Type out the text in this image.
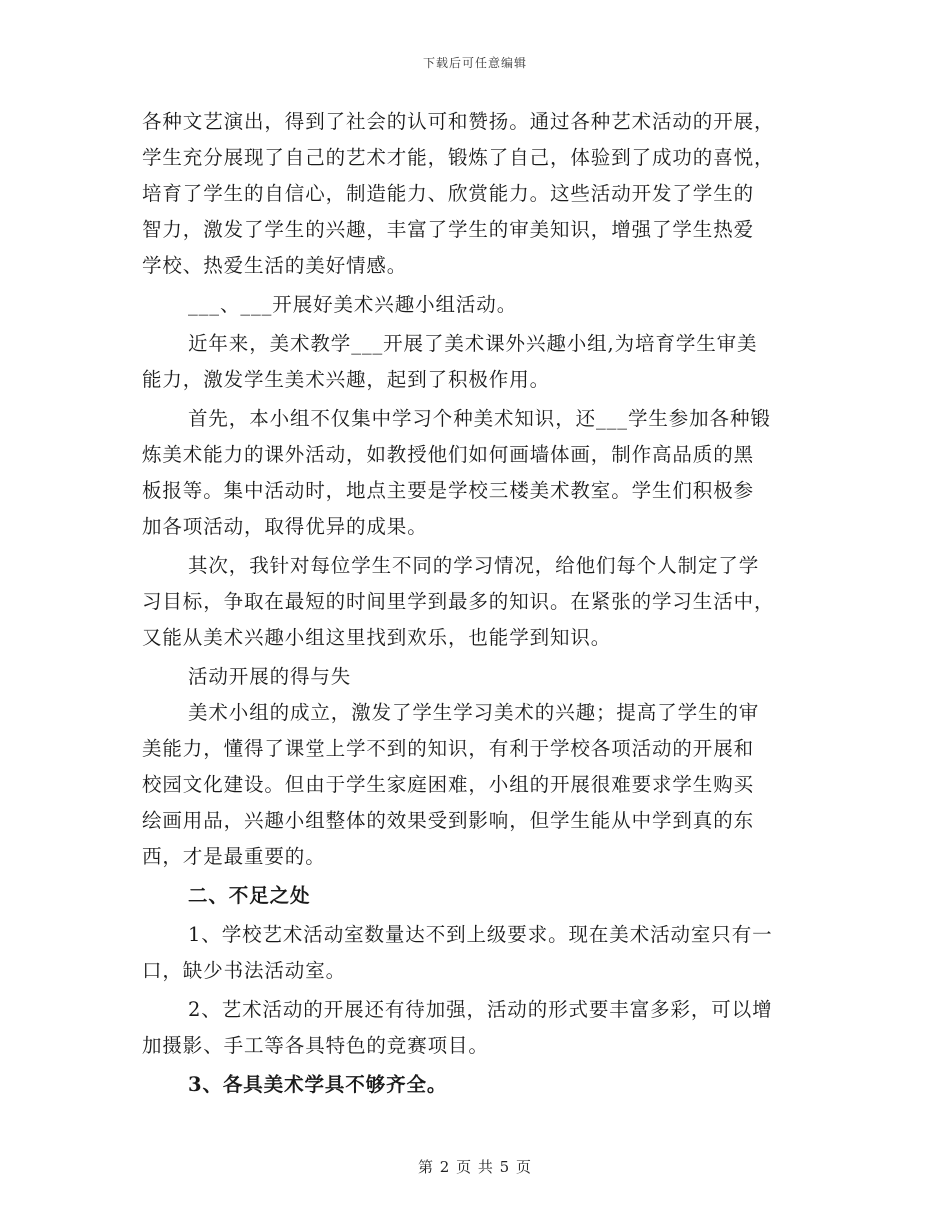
下载后可任意编辑
各种文艺演出，得到了社会的认可和赞扬。通过各种艺术活动的开展，
学生充分展现了自己的艺术才能，锻炼了自己，体验到了成功的喜悦，
培育了学生的自信心，制造能力、欣赏能力。这些活动开发了学生的
智力，激发了学生的兴趣，丰富了学生的审美知识，增强了学生热爱
学校、热爱生活的美好情感。
___、___开展好美术兴趣小组活动。
近年来，美术教学___开展了美术课外兴趣小组,为培育学生审美
能力，激发学生美术兴趣，起到了积极作用。
首先，本小组不仅集中学习个种美术知识，还___学生参加各种锻
炼美术能力的课外活动，如教授他们如何画墙体画，制作高品质的黑
板报等。集中活动时，地点主要是学校三楼美术教室。学生们积极参
加各项活动，取得优异的成果。
其次，我针对每位学生不同的学习情况，给他们每个人制定了学
习目标，争取在最短的时间里学到最多的知识。在紧张的学习生活中，
又能从美术兴趣小组这里找到欢乐，也能学到知识。
活动开展的得与失
美术小组的成立，激发了学生学习美术的兴趣；提高了学生的审
美能力，懂得了课堂上学不到的知识，有利于学校各项活动的开展和
校园文化建设。但由于学生家庭困难，小组的开展很难要求学生购买
绘画用品，兴趣小组整体的效果受到影响，但学生能从中学到真的东
西，才是最重要的。
二、不足之处
1、学校艺术活动室数量达不到上级要求。现在美术活动室只有一
口，缺少书法活动室。
2、艺术活动的开展还有待加强，活动的形式要丰富多彩，可以增
加摄影、手工等各具特色的竞赛项目。
3、各具美术学具不够齐全。
第 2 页 共 5 页
